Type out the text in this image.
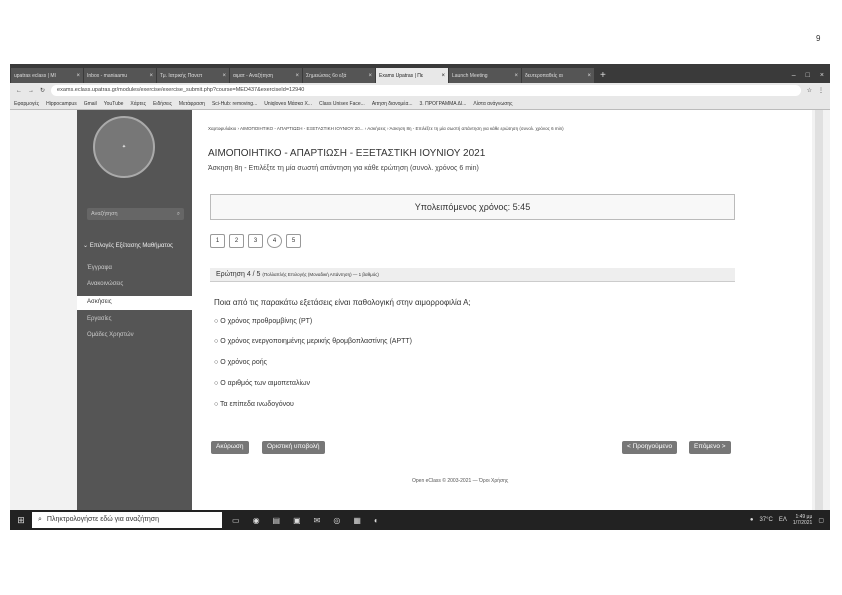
9
upatras eclass | MI	× Inbox - maniaamu	× Τμ. Ιατρικής Πανεπ	× αιματ - Αναζήτηση	× Σημειώσεις 6ο εξά	× Exams Upatras | Πε	× Launch Meeting	× δευτεροπαθείς αι	× +	– □ ×
← → ↻	exams.eclass.upatras.gr/modules/exercise/exercise_submit.php?course=MED437&exerciseId=12940	☆ ⋮
Εφαρμογές Hippocampus Gmail YouTube Χάρτες Ειδήσεις Μετάφραση Sci-Hub: removing... Uniqloves Μάσκα Χ... Class Unisex Face... Αιτηση διανομέα... 3. ΠΡΟΓΡΑΜΜΑ ΔΙ... Λίστα ανάγνωσης
✦
Αναζήτηση	⌕
⌄ Επιλογές Εξέτασης Μαθήματος
Έγγραφα
Ανακοινώσεις
Ασκήσεις
Εργασίες
Ομάδες Χρηστών
Χαρτοφυλάκιο › ΑΙΜΟΠΟΙΗΤΙΚΟ - ΑΠΑΡΤΙΩΣΗ - ΕΞΕΤΑΣΤΙΚΗ ΙΟΥΝΙΟΥ 20... › Ασκήσεις › Άσκηση 8η - Επιλέξτε τη μία σωστή απάντηση για κάθε ερώτηση (συνολ. χρόνος 6 min)
ΑΙΜΟΠΟΙΗΤΙΚΟ - ΑΠΑΡΤΙΩΣΗ - ΕΞΕΤΑΣΤΙΚΗ ΙΟΥΝΙΟΥ 2021
Άσκηση 8η - Επιλέξτε τη μία σωστή απάντηση για κάθε ερώτηση (συνολ. χρόνος 6 min)
Υπολειπόμενος χρόνος: 5:45
1	2	3	4	5
Ερώτηση 4 / 5 (Πολλαπλής Επιλογής (Μοναδική Απάντηση) — 1 βαθμός)
Ποια από τις παρακάτω εξετάσεις είναι παθολογική στην αιμορροφιλία Α;
○ Ο χρόνος προθρομβίνης (PT)
○ Ο χρόνος ενεργοποιημένης μερικής θρομβοπλαστίνης (APTT)
○ Ο χρόνος ροής
○ Ο αριθμός των αιμοπεταλίων
○ Τα επίπεδα ινωδογόνου
Ακύρωση	Οριστική υποβολή	< Προηγούμενο	Επόμενο >
Open eClass © 2003-2021 — Όροι Χρήσης
⊞	⌕ Πληκτρολογήστε εδώ για αναζήτηση	▭ ◉ ▤ ▣ ✉ ◎ ▦ ◐	● 37°C ΕΛ	1:49 μμ
1/7/2021 ▢
